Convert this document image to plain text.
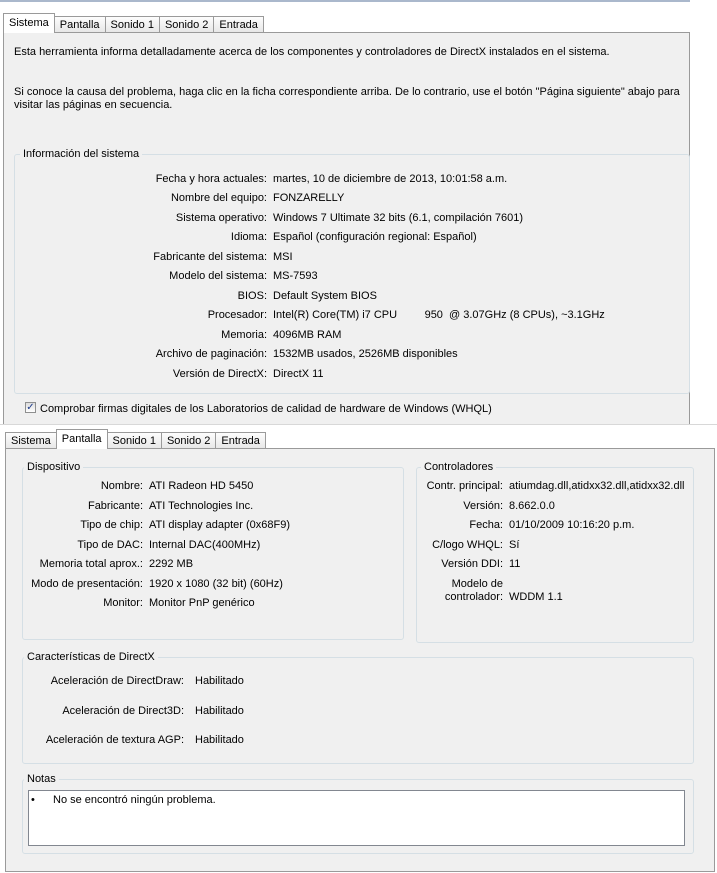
Sistema	Pantalla	Sonido 1	Sonido 2	Entrada
Esta herramienta informa detalladamente acerca de los componentes y controladores de DirectX instalados en el sistema.
Si conoce la causa del problema, haga clic en la ficha correspondiente arriba. De lo contrario, use el botón "Página siguiente" abajo para
visitar las páginas en secuencia.
Información del sistema
Fecha y hora actuales: martes, 10 de diciembre de 2013, 10:01:58 a.m.
Nombre del equipo: FONZARELLY
Sistema operativo: Windows 7 Ultimate 32 bits (6.1, compilación 7601)
Idioma: Español (configuración regional: Español)
Fabricante del sistema: MSI
Modelo del sistema: MS-7593
BIOS: Default System BIOS
Procesador: Intel(R) Core(TM) i7 CPU         950  @ 3.07GHz (8 CPUs), ~3.1GHz
Memoria: 4096MB RAM
Archivo de paginación: 1532MB usados, 2526MB disponibles
Versión de DirectX: DirectX 11
✓ Comprobar firmas digitales de los Laboratorios de calidad de hardware de Windows (WHQL)
Sistema	Pantalla	Sonido 1	Sonido 2	Entrada
Dispositivo
Nombre: ATI Radeon HD 5450
Fabricante: ATI Technologies Inc.
Tipo de chip: ATI display adapter (0x68F9)
Tipo de DAC: Internal DAC(400MHz)
Memoria total aprox.: 2292 MB
Modo de presentación: 1920 x 1080 (32 bit) (60Hz)
Monitor: Monitor PnP genérico
Controladores
Contr. principal: atiumdag.dll,atidxx32.dll,atidxx32.dll
Versión: 8.662.0.0
Fecha: 01/10/2009 10:16:20 p.m.
C/logo WHQL: Sí
Versión DDI: 11
Modelo de
controlador: WDDM 1.1
Características de DirectX
Aceleración de DirectDraw: Habilitado
Aceleración de Direct3D: Habilitado
Aceleración de textura AGP: Habilitado
Notas
• No se encontró ningún problema.
